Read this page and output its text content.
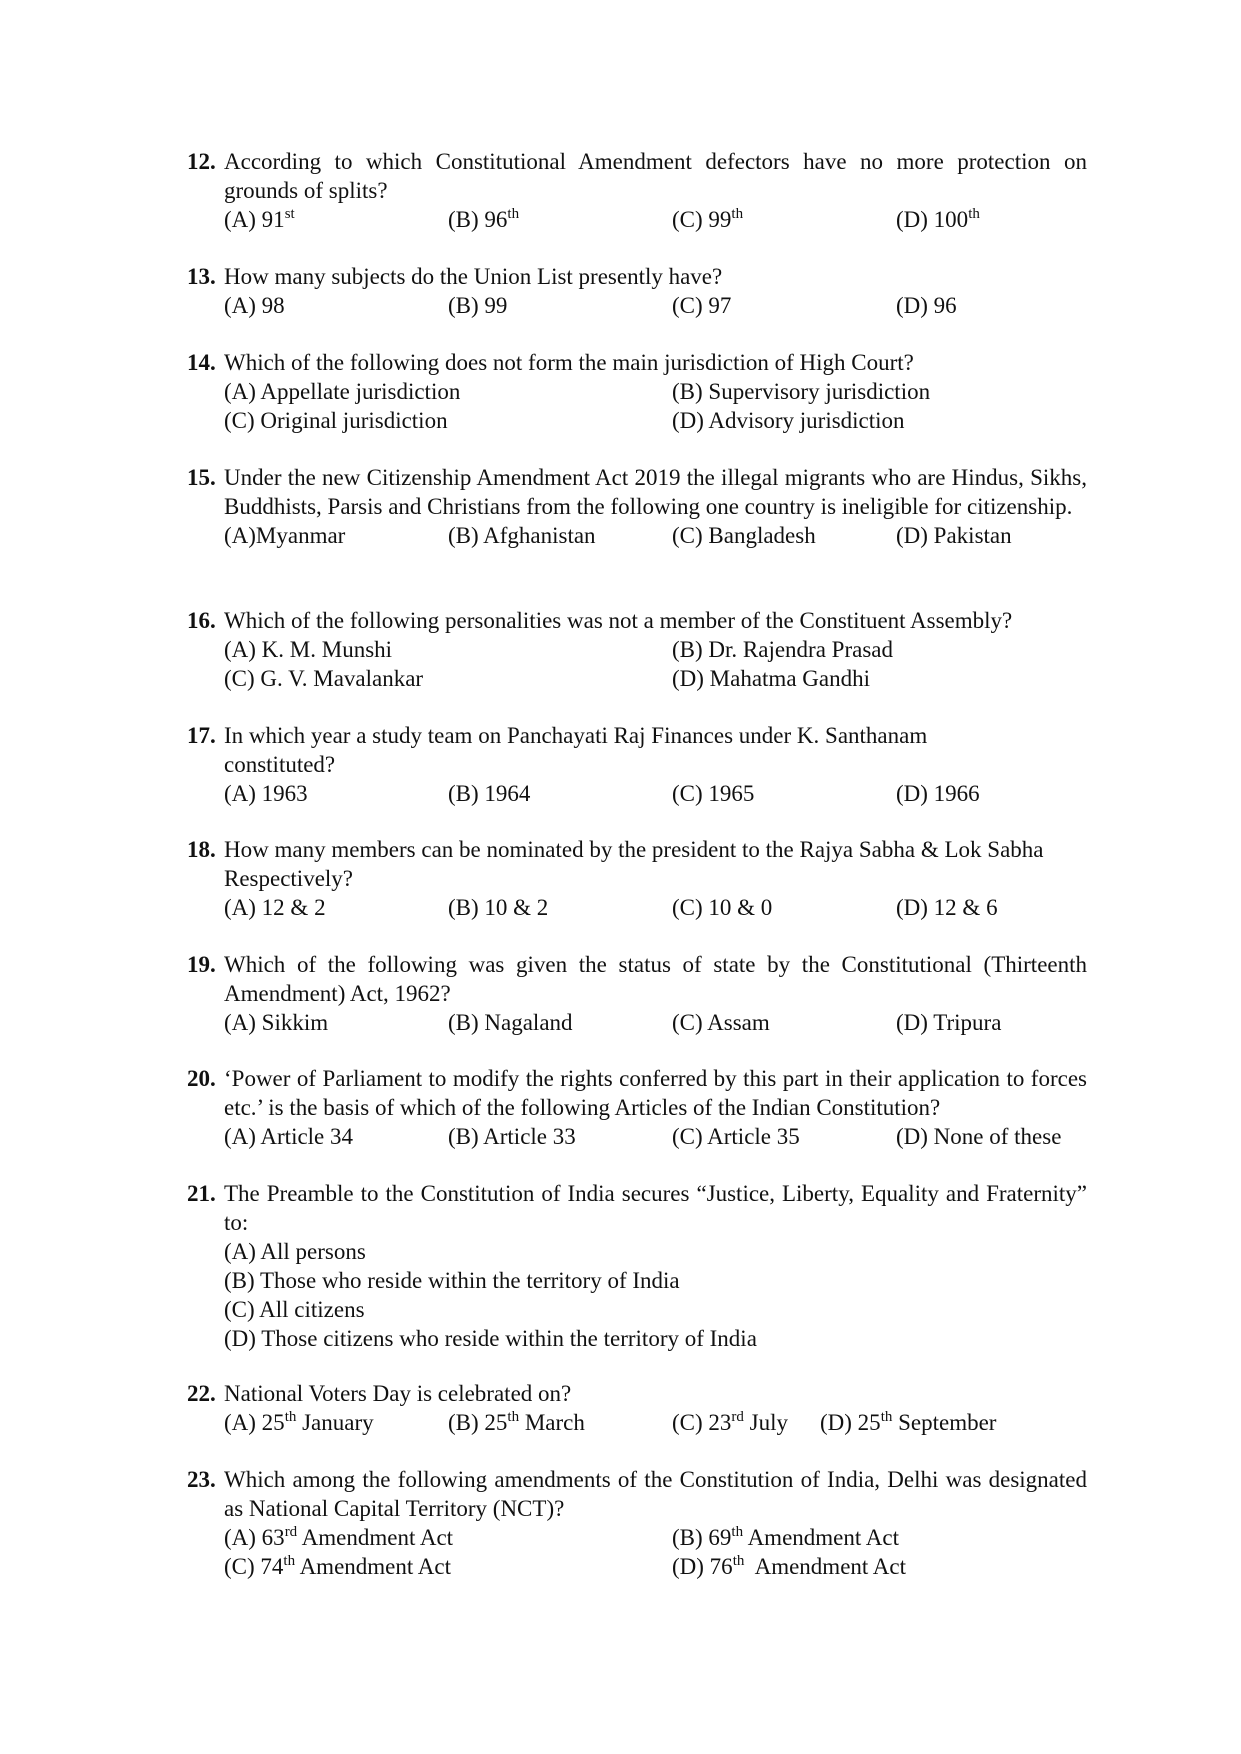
12. According to which Constitutional Amendment defectors have no more protection on grounds of splits?
(A) 91st	(B) 96th	(C) 99th	(D) 100th
13. How many subjects do the Union List presently have?
(A) 98	(B) 99	(C) 97	(D) 96
14. Which of the following does not form the main jurisdiction of High Court?
(A) Appellate jurisdiction	(B) Supervisory jurisdiction
(C) Original jurisdiction	(D) Advisory jurisdiction
15. Under the new Citizenship Amendment Act 2019 the illegal migrants who are Hindus, Sikhs, Buddhists, Parsis and Christians from the following one country is ineligible for citizenship.
(A)Myanmar	(B) Afghanistan	(C) Bangladesh	(D) Pakistan
16. Which of the following personalities was not a member of the Constituent Assembly?
(A) K. M. Munshi	(B) Dr. Rajendra Prasad
(C) G. V. Mavalankar	(D) Mahatma Gandhi
17. In which year a study team on Panchayati Raj Finances under K. Santhanam constituted?
(A) 1963	(B) 1964	(C) 1965	(D) 1966
18. How many members can be nominated by the president to the Rajya Sabha & Lok Sabha Respectively?
(A) 12 & 2	(B) 10 & 2	(C) 10 & 0	(D) 12 & 6
19. Which of the following was given the status of state by the Constitutional (Thirteenth Amendment) Act, 1962?
(A) Sikkim	(B) Nagaland	(C) Assam	(D) Tripura
20. ‘Power of Parliament to modify the rights conferred by this part in their application to forces etc.’ is the basis of which of the following Articles of the Indian Constitution?
(A) Article 34	(B) Article 33	(C) Article 35	(D) None of these
21. The Preamble to the Constitution of India secures “Justice, Liberty, Equality and Fraternity” to:
(A) All persons
(B) Those who reside within the territory of India
(C) All citizens
(D) Those citizens who reside within the territory of India
22. National Voters Day is celebrated on?
(A) 25th January	(B) 25th March	(C) 23rd July (D) 25th September
23. Which among the following amendments of the Constitution of India, Delhi was designated as National Capital Territory (NCT)?
(A) 63rd Amendment Act	(B) 69th Amendment Act
(C) 74th Amendment Act	(D) 76th  Amendment Act
